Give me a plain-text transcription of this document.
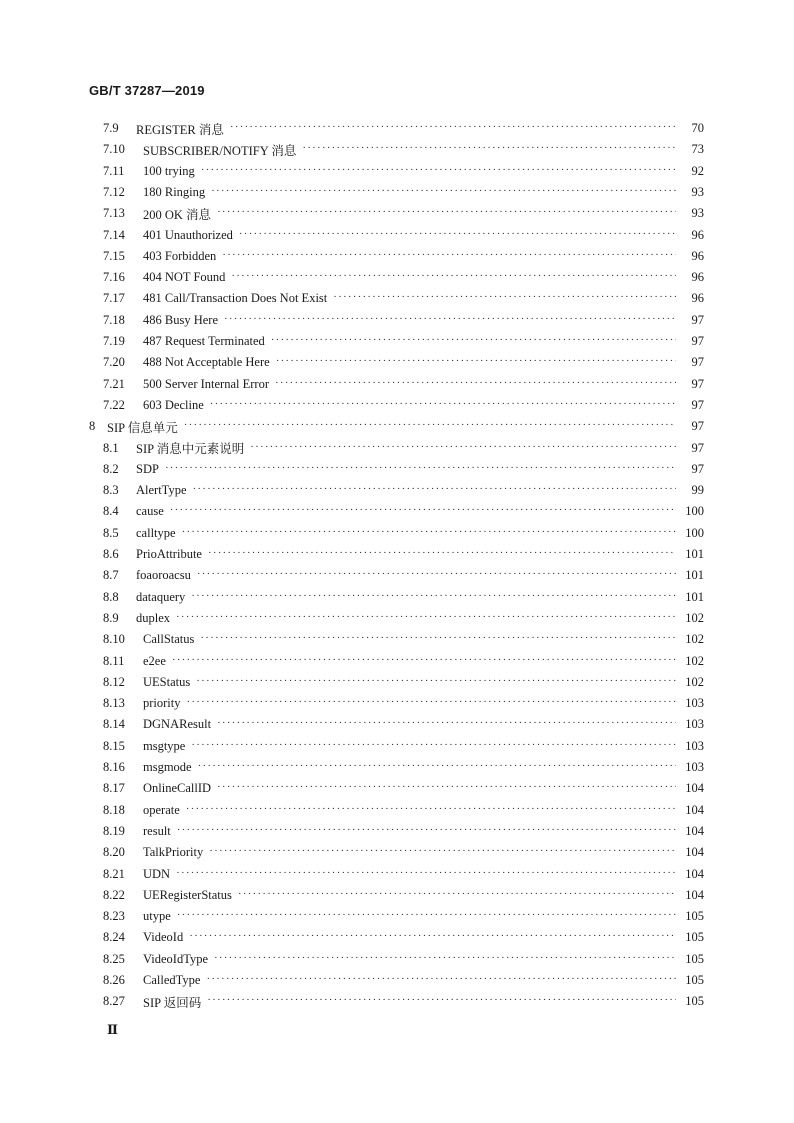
GB/T 37287—2019
7.9	REGISTER 消息 ·····	70
7.10	SUBSCRIBER/NOTIFY 消息 ·····	73
7.11	100 trying ·····	92
7.12	180 Ringing ·····	93
7.13	200 OK 消息 ·····	93
7.14	401 Unauthorized ·····	96
7.15	403 Forbidden ·····	96
7.16	404 NOT Found ·····	96
7.17	481 Call/Transaction Does Not Exist ·····	96
7.18	486 Busy Here ·····	97
7.19	487 Request Terminated ·····	97
7.20	488 Not Acceptable Here ·····	97
7.21	500 Server Internal Error ·····	97
7.22	603 Decline ·····	97
8 SIP 信息单元 ·····	97
8.1	SIP 消息中元素说明 ·····	97
8.2	SDP ·····	97
8.3	AlertType ·····	99
8.4	cause ·····	100
8.5	calltype ·····	100
8.6	PrioAttribute ·····	101
8.7	foaoroacsu ·····	101
8.8	dataquery ·····	101
8.9	duplex ·····	102
8.10	CallStatus ·····	102
8.11	e2ee ·····	102
8.12	UEStatus ·····	102
8.13	priority ·····	103
8.14	DGNAResult ·····	103
8.15	msgtype ·····	103
8.16	msgmode ·····	103
8.17	OnlineCallID ·····	104
8.18	operate ·····	104
8.19	result ·····	104
8.20	TalkPriority ·····	104
8.21	UDN ·····	104
8.22	UERegisterStatus ·····	104
8.23	utype ·····	105
8.24	VideoId ·····	105
8.25	VideoIdType ·····	105
8.26	CalledType ·····	105
8.27	SIP 返回码 ·····	105
Ⅱ
